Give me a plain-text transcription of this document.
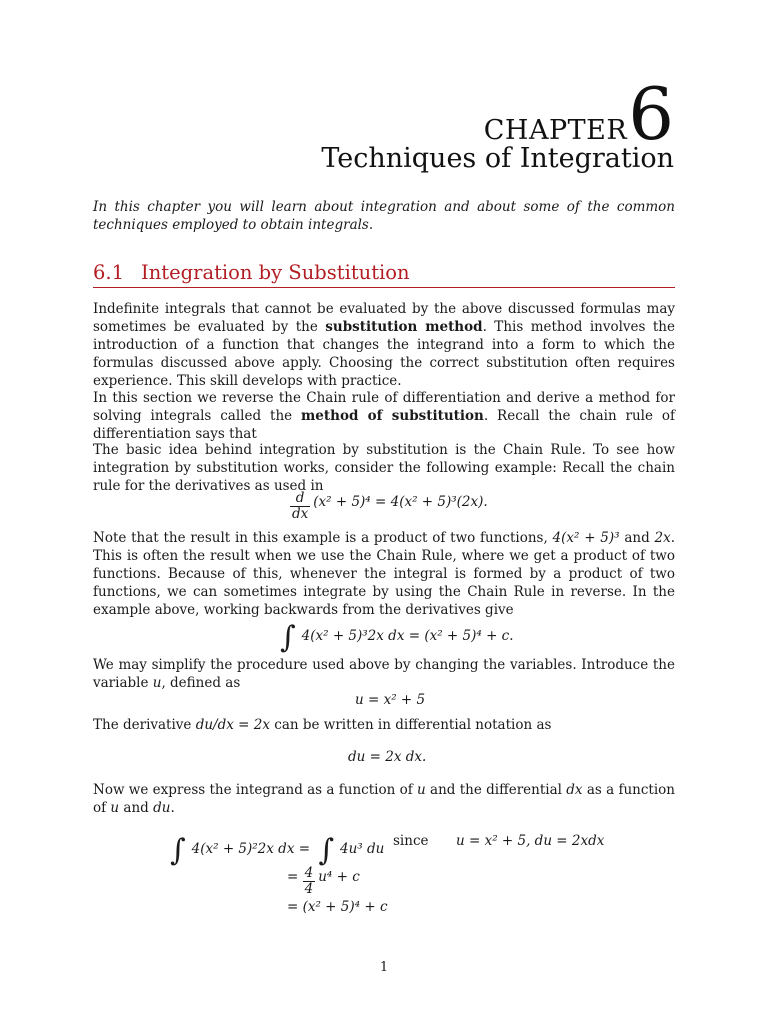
CHAPTER6
Techniques of Integration
In this chapter you will learn about integration and about some of the common techniques employed to obtain integrals.
6.1 Integration by Substitution

Indefinite integrals that cannot be evaluated by the above discussed formulas may sometimes be evaluated by the substitution method. This method involves the introduction of a function that changes the integrand into a form to which the formulas discussed above apply. Choosing the correct substitution often requires experience. This skill develops with practice.

In this section we reverse the Chain rule of differentiation and derive a method for solving integrals called the method of substitution. Recall the chain rule of differentiation says that

The basic idea behind integration by substitution is the Chain Rule. To see how integration by substitution works, consider the following example: Recall the chain rule for the derivatives as used in

$\frac{d}{dx} (x^2 + 5)^4 = 4(x^2 + 5)^3(2x)$.

Note that the result in this example is a product of two functions, 4(x² + 5)³ and 2x. This is often the result when we use the Chain Rule, where we get a product of two functions. Because of this, whenever the integral is formed by a product of two functions, we can sometimes integrate by using the Chain Rule in reverse. In the example above, working backwards from the derivatives give

∫ 4(x² + 5)³2x dx = (x² + 5)⁴ + c.

We may simplify the procedure used above by changing the variables. Introduce the variable u, defined as

u = x² + 5

The derivative du/dx = 2x can be written in differential notation as

du = 2x dx.

Now we express the integrand as a function of u and the differential dx as a function of u and du.

∫ 4(x² + 5)²2x dx = ∫ 4u³ du since u = x² + 5, du = 2xdx
= $\frac{4}{4} u^4 + c$
= (x² + 5)⁴ + c
1
